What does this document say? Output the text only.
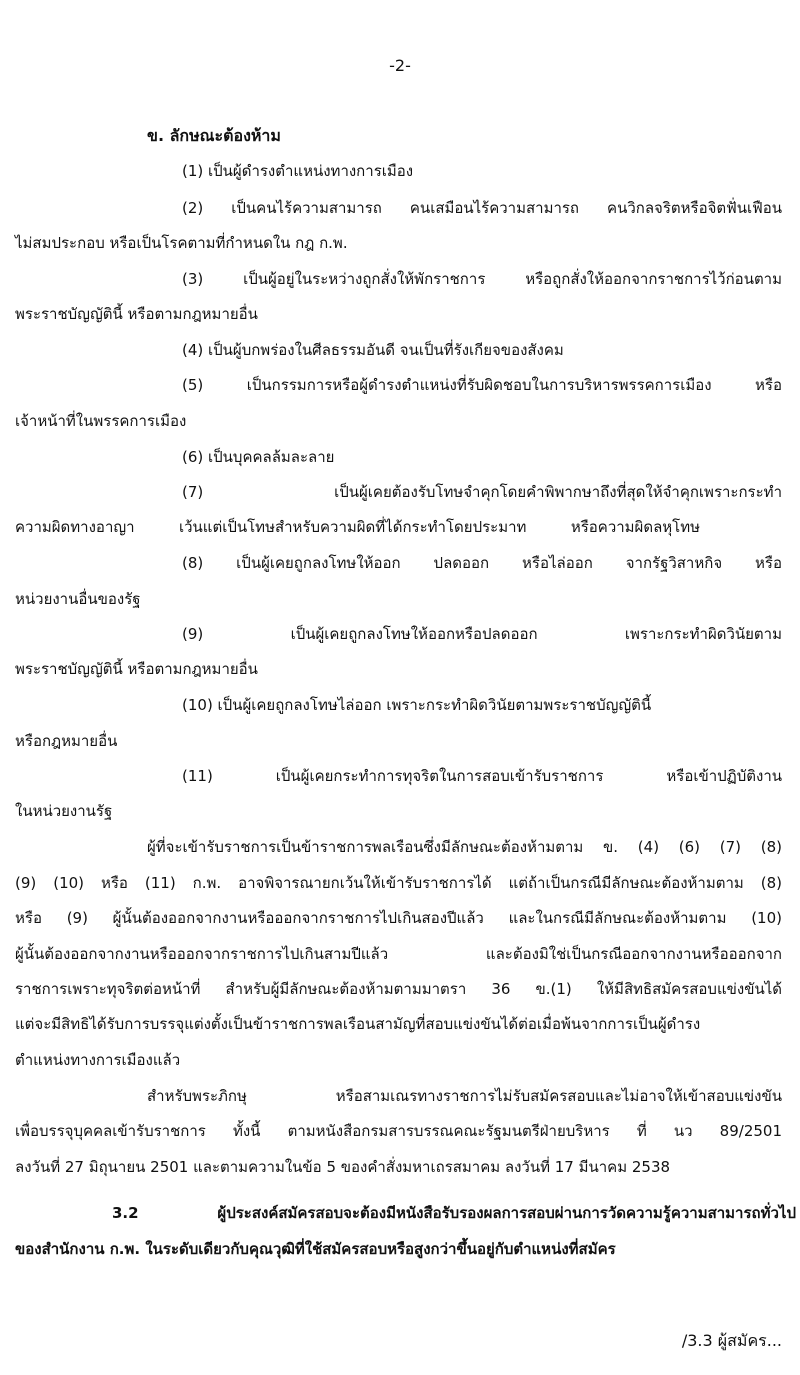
-2-
ข. ลักษณะต้องห้าม
(1) เป็นผู้ดำรงตำแหน่งทางการเมือง
(2) เป็นคนไร้ความสามารถ คนเสมือนไร้ความสามารถ คนวิกลจริตหรือจิตฟั่นเฟือน
ไม่สมประกอบ หรือเป็นโรคตามที่กำหนดใน กฎ ก.พ.
(3) เป็นผู้อยู่ในระหว่างถูกสั่งให้พักราชการ หรือถูกสั่งให้ออกจากราชการไว้ก่อนตาม
พระราชบัญญัตินี้ หรือตามกฎหมายอื่น
(4) เป็นผู้บกพร่องในศีลธรรมอันดี จนเป็นที่รังเกียจของสังคม
(5) เป็นกรรมการหรือผู้ดำรงตำแหน่งที่รับผิดชอบในการบริหารพรรคการเมือง หรือ
เจ้าหน้าที่ในพรรคการเมือง
(6) เป็นบุคคลล้มละลาย
(7) เป็นผู้เคยต้องรับโทษจำคุกโดยคำพิพากษาถึงที่สุดให้จำคุกเพราะกระทำ
ความผิดทางอาญา เว้นแต่เป็นโทษสำหรับความผิดที่ได้กระทำโดยประมาท หรือความผิดลหุโทษ
(8) เป็นผู้เคยถูกลงโทษให้ออก ปลดออก หรือไล่ออก จากรัฐวิสาหกิจ หรือ
หน่วยงานอื่นของรัฐ
(9) เป็นผู้เคยถูกลงโทษให้ออกหรือปลดออก เพราะกระทำผิดวินัยตาม
พระราชบัญญัตินี้ หรือตามกฎหมายอื่น
(10) เป็นผู้เคยถูกลงโทษไล่ออก เพราะกระทำผิดวินัยตามพระราชบัญญัตินี้
หรือกฎหมายอื่น
(11) เป็นผู้เคยกระทำการทุจริตในการสอบเข้ารับราชการ หรือเข้าปฏิบัติงาน
ในหน่วยงานรัฐ
ผู้ที่จะเข้ารับราชการเป็นข้าราชการพลเรือนซึ่งมีลักษณะต้องห้ามตาม ข. (4) (6) (7) (8)
(9) (10) หรือ (11) ก.พ. อาจพิจารณายกเว้นให้เข้ารับราชการได้ แต่ถ้าเป็นกรณีมีลักษณะต้องห้ามตาม (8)
หรือ (9) ผู้นั้นต้องออกจากงานหรือออกจากราชการไปเกินสองปีแล้ว และในกรณีมีลักษณะต้องห้ามตาม (10)
ผู้นั้นต้องออกจากงานหรือออกจากราชการไปเกินสามปีแล้ว และต้องมิใช่เป็นกรณีออกจากงานหรือออกจาก
ราชการเพราะทุจริตต่อหน้าที่ สำหรับผู้มีลักษณะต้องห้ามตามมาตรา 36 ข.(1) ให้มีสิทธิสมัครสอบแข่งขันได้
แต่จะมีสิทธิได้รับการบรรจุแต่งตั้งเป็นข้าราชการพลเรือนสามัญที่สอบแข่งขันได้ต่อเมื่อพ้นจากการเป็นผู้ดำรง
ตำแหน่งทางการเมืองแล้ว
สำหรับพระภิกษุ หรือสามเณรทางราชการไม่รับสมัครสอบและไม่อาจให้เข้าสอบแข่งขัน
เพื่อบรรจุบุคคลเข้ารับราชการ ทั้งนี้ ตามหนังสือกรมสารบรรณคณะรัฐมนตรีฝ่ายบริหาร ที่ นว 89/2501
ลงวันที่ 27 มิถุนายน 2501 และตามความในข้อ 5 ของคำสั่งมหาเถรสมาคม ลงวันที่ 17 มีนาคม 2538
3.2 ผู้ประสงค์สมัครสอบจะต้องมีหนังสือรับรองผลการสอบผ่านการวัดความรู้ความสามารถทั่วไป
ของสำนักงาน ก.พ. ในระดับเดียวกับคุณวุฒิที่ใช้สมัครสอบหรือสูงกว่าขึ้นอยู่กับตำแหน่งที่สมัคร
/3.3 ผู้สมัคร...
